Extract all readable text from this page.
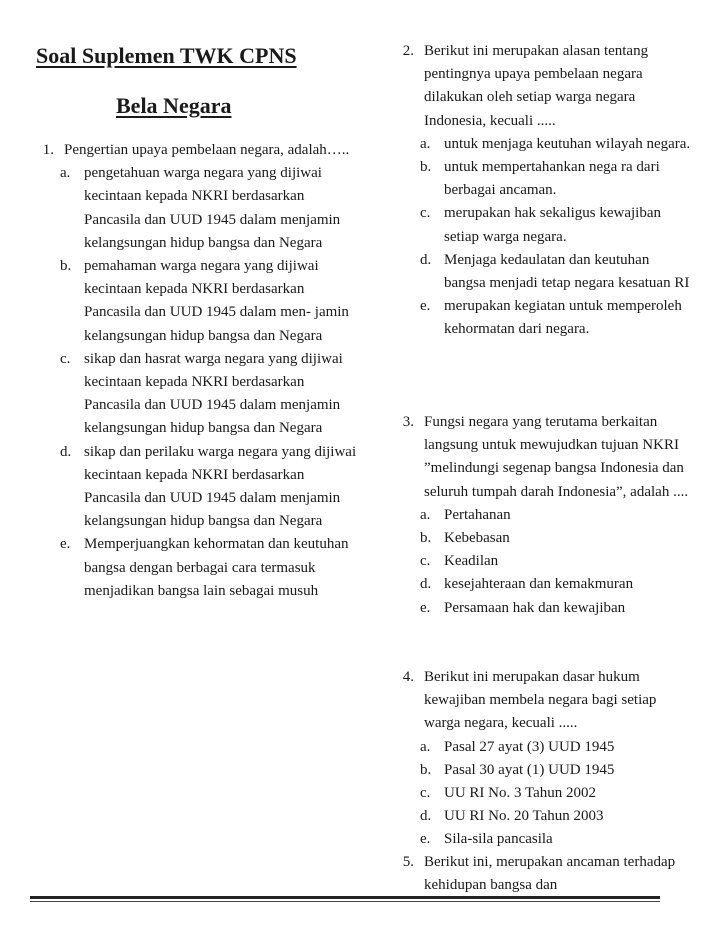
Soal Suplemen TWK CPNS
Bela Negara
1. Pengertian upaya pembelaan negara, adalah…..
a. pengetahuan warga negara yang dijiwai kecintaan kepada NKRI berdasarkan Pancasila dan UUD 1945 dalam menjamin kelangsungan hidup bangsa dan Negara
b. pemahaman warga negara yang dijiwai kecintaan kepada NKRI berdasarkan Pancasila dan UUD 1945 dalam men- jamin kelangsungan hidup bangsa dan Negara
c. sikap dan hasrat warga negara yang dijiwai kecintaan kepada NKRI berdasarkan Pancasila dan UUD 1945 dalam menjamin kelangsungan hidup bangsa dan Negara
d. sikap dan perilaku warga negara yang dijiwai kecintaan kepada NKRI berdasarkan Pancasila dan UUD 1945 dalam menjamin kelangsungan hidup bangsa dan Negara
e. Memperjuangkan kehormatan dan keutuhan bangsa dengan berbagai cara termasuk menjadikan bangsa lain sebagai musuh
2. Berikut ini merupakan alasan tentang pentingnya upaya pembelaan negara dilakukan oleh setiap warga negara Indonesia, kecuali .....
a. untuk menjaga keutuhan wilayah negara.
b. untuk mempertahankan nega ra dari berbagai ancaman.
c. merupakan hak sekaligus kewajiban setiap warga negara.
d. Menjaga kedaulatan dan keutuhan bangsa menjadi tetap negara kesatuan RI
e. merupakan kegiatan untuk memperoleh kehormatan dari negara.
3. Fungsi negara yang terutama berkaitan langsung untuk mewujudkan tujuan NKRI ”melindungi segenap bangsa Indonesia dan seluruh tumpah darah Indonesia”, adalah ....
a. Pertahanan
b. Kebebasan
c. Keadilan
d. kesejahteraan dan kemakmuran
e. Persamaan hak dan kewajiban
4. Berikut ini merupakan dasar hukum kewajiban membela negara bagi setiap warga negara, kecuali .....
a. Pasal 27 ayat (3) UUD 1945
b. Pasal 30 ayat (1) UUD 1945
c. UU RI No. 3 Tahun 2002
d. UU RI No. 20 Tahun 2003
e. Sila-sila pancasila
5. Berikut ini, merupakan ancaman terhadap kehidupan bangsa dan
